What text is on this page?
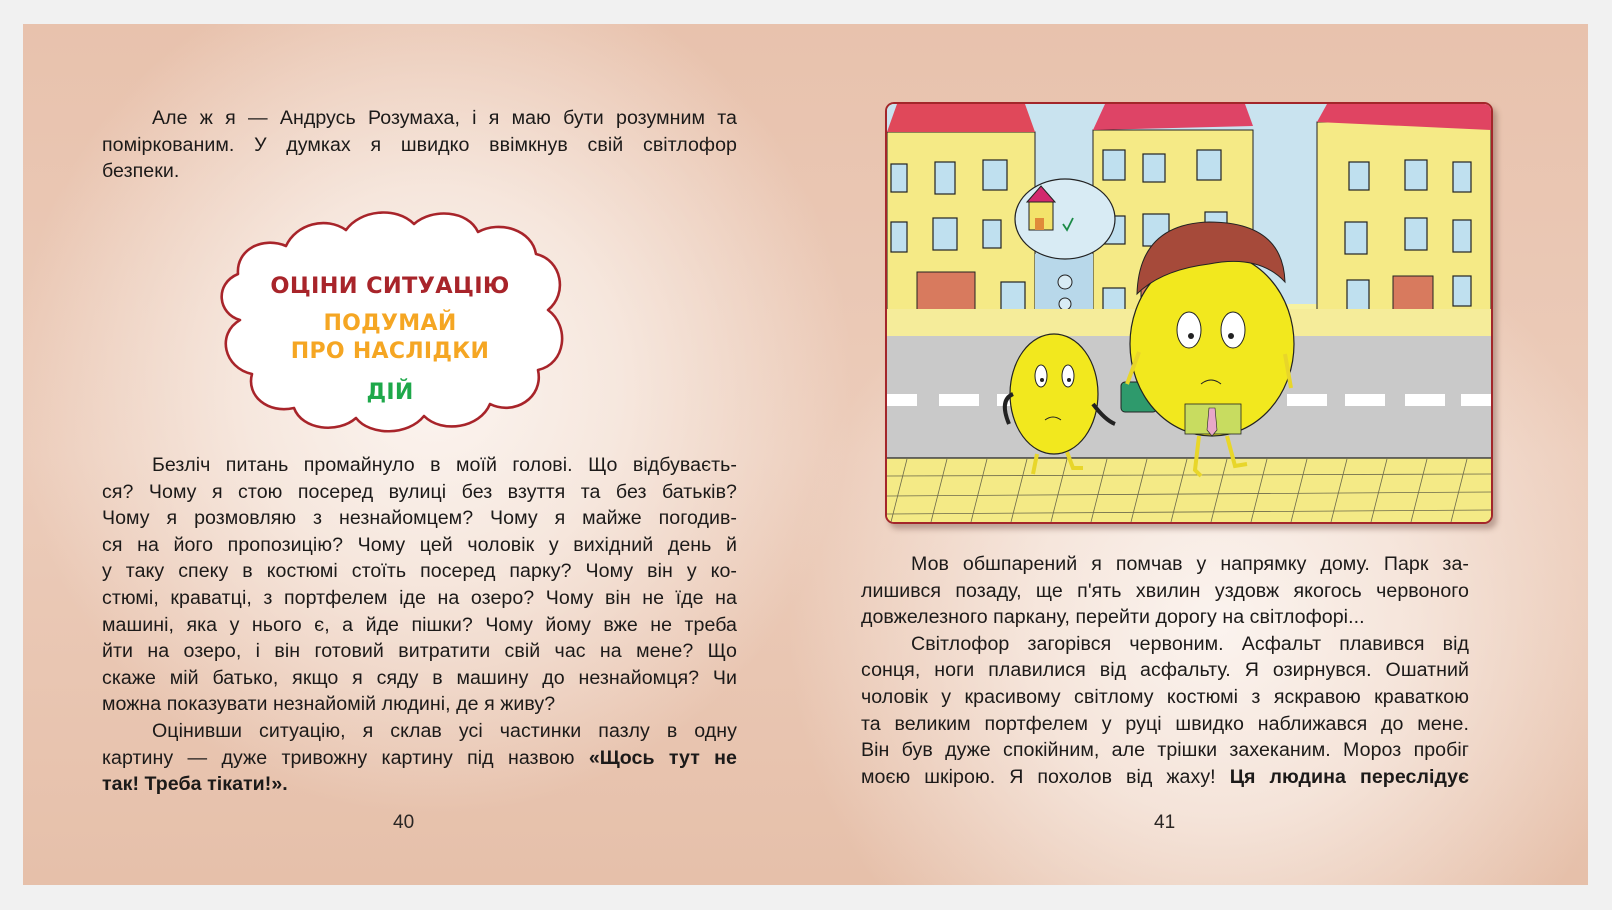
Але ж я — Андрусь Розумаха, і я маю бути розумним та
поміркованим. У думках я швидко ввімкнув свій світлофор
безпеки.
ОЦІНИ СИТУАЦІЮ
ПОДУМАЙ
ПРО НАСЛІДКИ
ДІЙ
Безліч питань промайнуло в моїй голові. Що відбуваєть-
ся? Чому я стою посеред вулиці без взуття та без батьків?
Чому я розмовляю з незнайомцем? Чому я майже погодив-
ся на його пропозицію? Чому цей чоловік у вихідний день й
у таку спеку в костюмі стоїть посеред парку? Чому він у ко-
стюмі, краватці, з портфелем іде на озеро? Чому він не їде на
машині, яка у нього є, а йде пішки? Чому йому вже не треба
йти на озеро, і він готовий витратити свій час на мене? Що
скаже мій батько, якщо я сяду в машину до незнайомця? Чи
можна показувати незнайомій людині, де я живу?
Оцінивши ситуацію, я склав усі частинки пазлу в одну
картину — дуже тривожну картину під назвою «Щось тут не
так! Треба тікати!».
40
Мов обшпарений я помчав у напрямку дому. Парк за-
лишився позаду, ще п'ять хвилин уздовж якогось червоного
довжелезного паркану, перейти дорогу на світлофорі...
Світлофор загорівся червоним. Асфальт плавився від
сонця, ноги плавилися від асфальту. Я озирнувся. Ошатний
чоловік у красивому світлому костюмі з яскравою краваткою
та великим портфелем у руці швидко наближався до мене.
Він був дуже спокійним, але трішки захеканим. Мороз пробіг
моєю шкірою. Я похолов від жаху! Ця людина переслідує
41
